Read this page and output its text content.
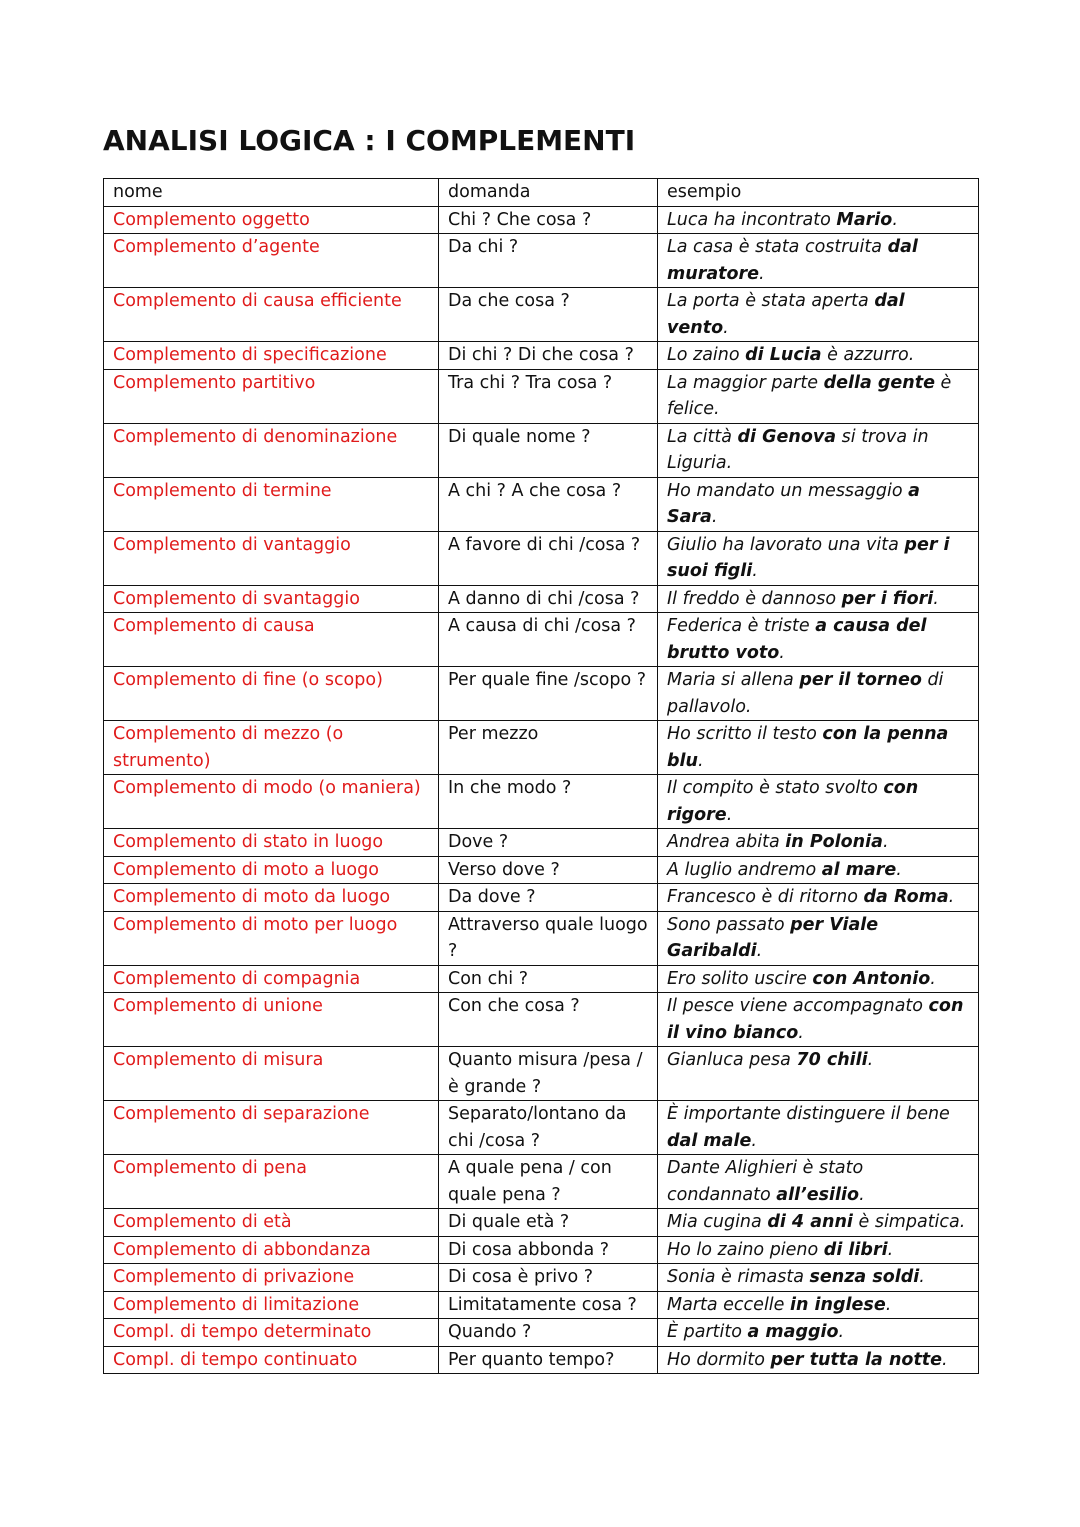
ANALISI LOGICA : I COMPLEMENTI
nome	domanda	esempio
Complemento oggetto	Chi ? Che cosa ?	Luca ha incontrato Mario.
Complemento d’agente	Da chi ?	La casa è stata costruita dal muratore.
Complemento di causa efficiente	Da che cosa ?	La porta è stata aperta dal vento.
Complemento di specificazione	Di chi ? Di che cosa ?	Lo zaino di Lucia è azzurro.
Complemento partitivo	Tra chi ? Tra cosa ?	La maggior parte della gente è felice.
Complemento di denominazione	Di quale nome ?	La città di Genova si trova in Liguria.
Complemento di termine	A chi ? A che cosa ?	Ho mandato un messaggio a Sara.
Complemento di vantaggio	A favore di chi /cosa ?	Giulio ha lavorato una vita per i suoi figli.
Complemento di svantaggio	A danno di chi /cosa ?	Il freddo è dannoso per i fiori.
Complemento di causa	A causa di chi /cosa ?	Federica è triste a causa del brutto voto.
Complemento di fine (o scopo)	Per quale fine /scopo ?	Maria si allena per il torneo di pallavolo.
Complemento di mezzo (o strumento)	Per mezzo	Ho scritto il testo con la penna blu.
Complemento di modo (o maniera)	In che modo ?	Il compito è stato svolto con rigore.
Complemento di stato in luogo	Dove ?	Andrea abita in Polonia.
Complemento di moto a luogo	Verso dove ?	A luglio andremo al mare.
Complemento di moto da luogo	Da dove ?	Francesco è di ritorno da Roma.
Complemento di moto per luogo	Attraverso quale luogo ?	Sono passato per Viale Garibaldi.
Complemento di compagnia	Con chi ?	Ero solito uscire con Antonio.
Complemento di unione	Con che cosa ?	Il pesce viene accompagnato con il vino bianco.
Complemento di misura	Quanto misura /pesa / è grande ?	Gianluca pesa 70 chili.
Complemento di separazione	Separato/lontano da chi /cosa ?	È importante distinguere il bene dal male.
Complemento di pena	A quale pena / con quale pena ?	Dante Alighieri è stato condannato all’esilio.
Complemento di età	Di quale età ?	Mia cugina di 4 anni è simpatica.
Complemento di abbondanza	Di cosa abbonda ?	Ho lo zaino pieno di libri.
Complemento di privazione	Di cosa è privo ?	Sonia è rimasta senza soldi.
Complemento di limitazione	Limitatamente cosa ?	Marta eccelle in inglese.
Compl. di tempo determinato	Quando ?	È partito a maggio.
Compl. di tempo continuato	Per quanto tempo?	Ho dormito per tutta la notte.
